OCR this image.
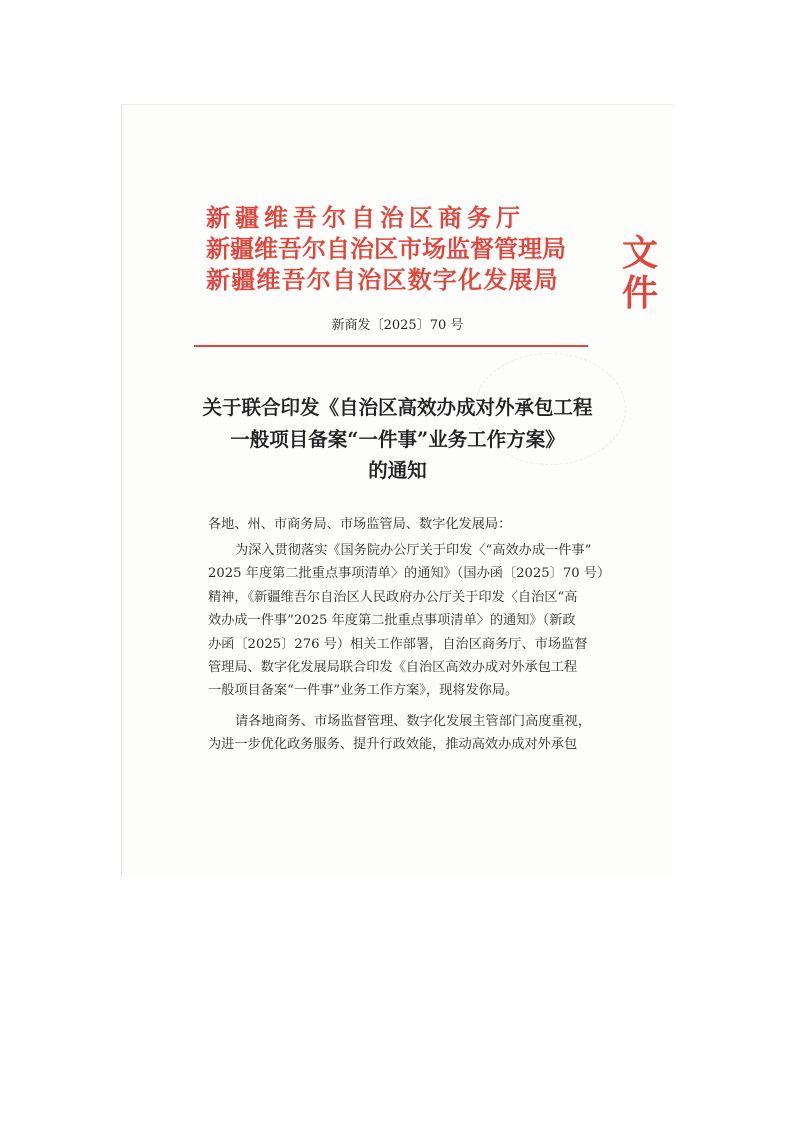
新疆维吾尔自治区商务厅
新疆维吾尔自治区市场监督管理局
新疆维吾尔自治区数字化发展局
文件
新商发〔2025〕70 号
关于联合印发《自治区高效办成对外承包工程
一般项目备案“一件事”业务工作方案》
的通知

各地、州、市商务局、市场监管局、数字化发展局：

为深入贯彻落实《国务院办公厅关于印发〈“高效办成一件事”

2025 年度第二批重点事项清单〉的通知》（国办函〔2025〕70 号）

精神，《新疆维吾尔自治区人民政府办公厅关于印发〈自治区“高

效办成一件事”2025 年度第二批重点事项清单〉的通知》（新政

办函〔2025〕276 号）相关工作部署，自治区商务厅、市场监督

管理局、数字化发展局联合印发《自治区高效办成对外承包工程

一般项目备案“一件事”业务工作方案》，现将发你局。

请各地商务、市场监督管理、数字化发展主管部门高度重视，

为进一步优化政务服务、提升行政效能，推动高效办成对外承包
